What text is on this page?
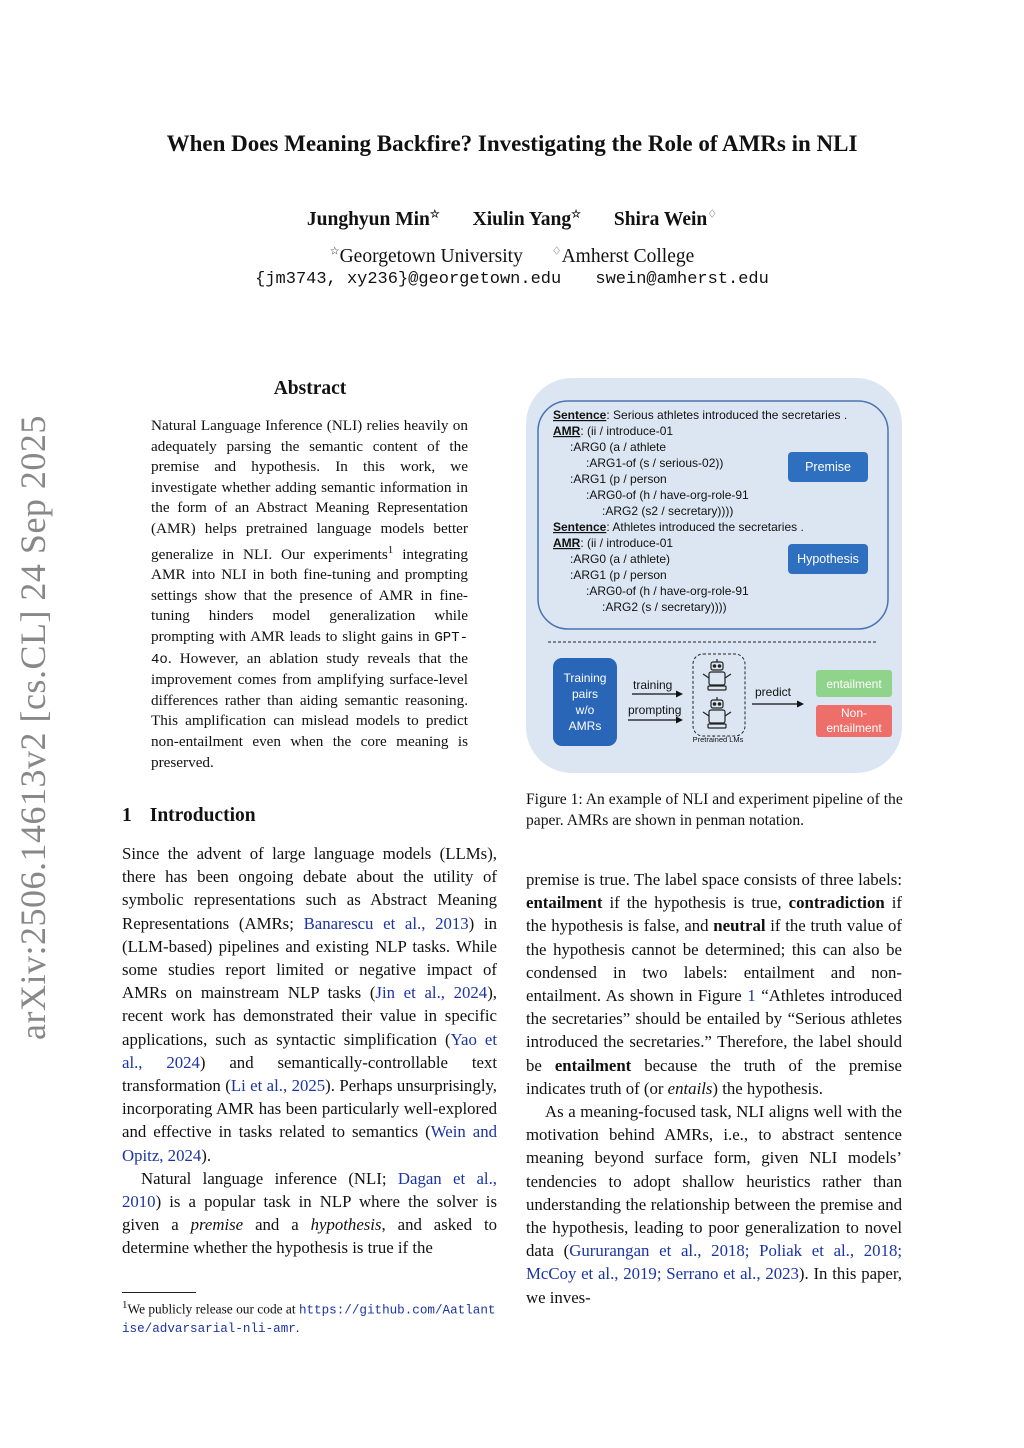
When Does Meaning Backfire? Investigating the Role of AMRs in NLI
Junghyun Min☆ Xiulin Yang☆ Shira Wein♢
☆Georgetown University	♢Amherst College
{jm3743, xy236}@georgetown.edu swein@amherst.edu
arXiv:2506.14613v2 [cs.CL] 24 Sep 2025
Abstract
Natural Language Inference (NLI) relies heavily on adequately parsing the semantic content of the premise and hypothesis. In this work, we investigate whether adding semantic information in the form of an Abstract Meaning Representation (AMR) helps pretrained language models better generalize in NLI. Our experiments$^1$ integrating AMR into NLI in both fine-tuning and prompting settings show that the presence of AMR in fine-tuning hinders model generalization while prompting with AMR leads to slight gains in GPT-4o. However, an ablation study reveals that the improvement comes from amplifying surface-level differences rather than aiding semantic reasoning. This amplification can mislead models to predict non-entailment even when the core meaning is preserved.
1 Introduction

Since the advent of large language models (LLMs), there has been ongoing debate about the utility of symbolic representations such as Abstract Meaning Representations (AMRs; Banarescu et al., 2013) in (LLM-based) pipelines and existing NLP tasks. While some studies report limited or negative impact of AMRs on mainstream NLP tasks (Jin et al., 2024), recent work has demonstrated their value in specific applications, such as syntactic simplification (Yao et al., 2024) and semantically-controllable text transformation (Li et al., 2025). Perhaps unsurprisingly, incorporating AMR has been particularly well-explored and effective in tasks related to semantics (Wein and Opitz, 2024).

Natural language inference (NLI; Dagan et al., 2010) is a popular task in NLP where the solver is given a premise and a hypothesis, and asked to determine whether the hypothesis is true if the

$^1$We publicly release our code at https://github.com/Aatlantise/advarsarial-nli-amr.
Sentence: Serious athletes introduced the secretaries .
AMR: (ii / introduce-01
:ARG0 (a / athlete
:ARG1-of (s / serious-02))
:ARG1 (p / person
:ARG0-of (h / have-org-role-91
:ARG2 (s2 / secretary))))
Sentence: Athletes introduced the secretaries .
AMR: (ii / introduce-01
:ARG0 (a / athlete)
:ARG1 (p / person
:ARG0-of (h / have-org-role-91
:ARG2 (s / secretary))))
Premise
Hypothesis
Training
pairs
w/o
AMRs
training
prompting
predict
Pretrained LMs
entailment
Non-
entailment
Figure 1: An example of NLI and experiment pipeline of the paper. AMRs are shown in penman notation.

premise is true. The label space consists of three labels: entailment if the hypothesis is true, contradiction if the hypothesis is false, and neutral if the truth value of the hypothesis cannot be determined; this can also be condensed in two labels: entailment and non-entailment. As shown in Figure 1 “Athletes introduced the secretaries” should be entailed by “Serious athletes introduced the secretaries.” Therefore, the label should be entailment because the truth of the premise indicates truth of (or entails) the hypothesis.

As a meaning-focused task, NLI aligns well with the motivation behind AMRs, i.e., to abstract sentence meaning beyond surface form, given NLI models’ tendencies to adopt shallow heuristics rather than understanding the relationship between the premise and the hypothesis, leading to poor generalization to novel data (Gururangan et al., 2018; Poliak et al., 2018; McCoy et al., 2019; Serrano et al., 2023). In this paper, we inves-
